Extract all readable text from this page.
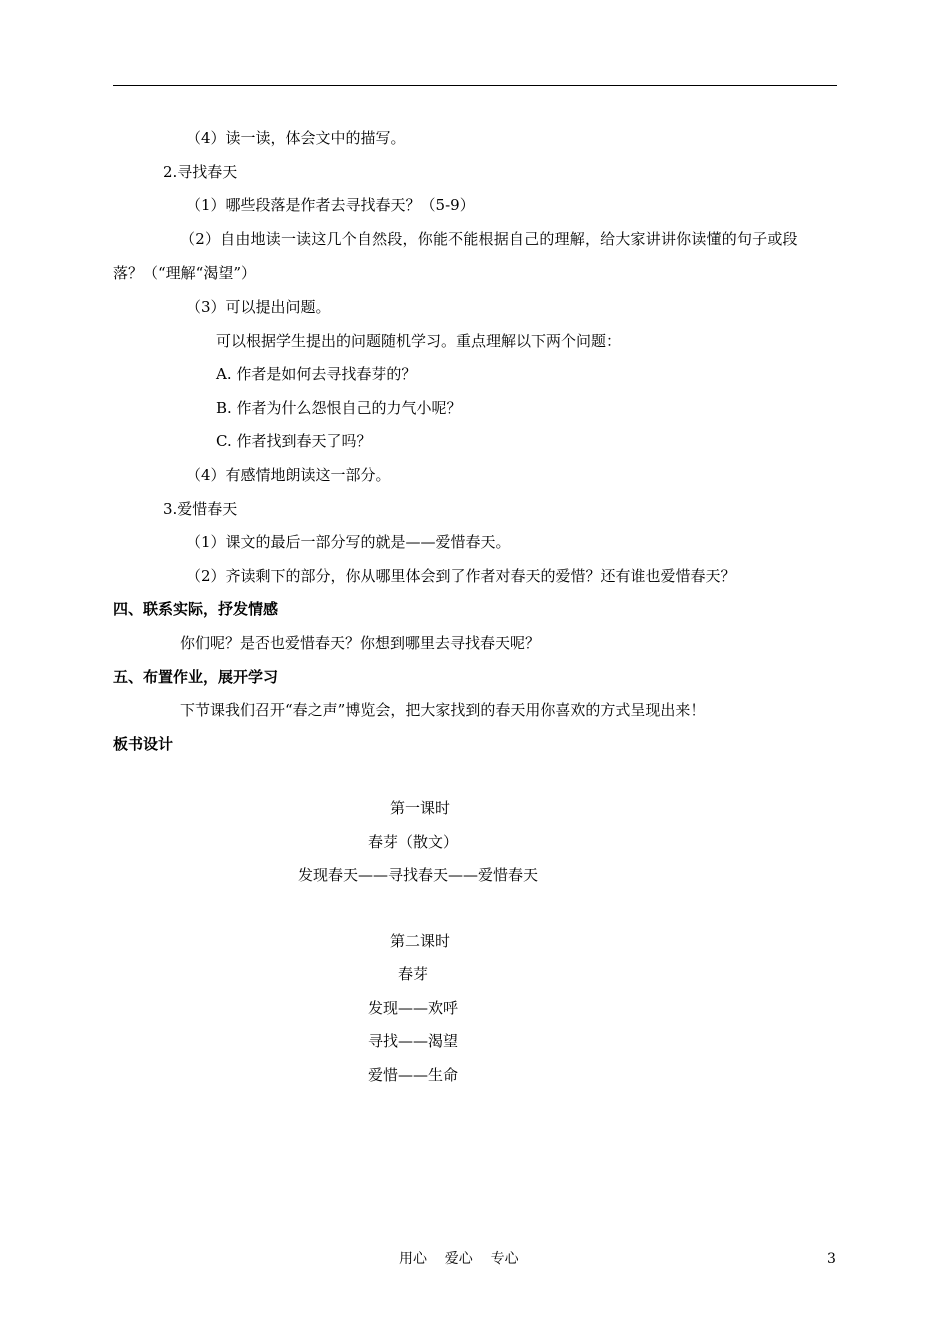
（4）读一读，体会文中的描写。
2.寻找春天
（1）哪些段落是作者去寻找春天？（5-9）
（2）自由地读一读这几个自然段，你能不能根据自己的理解，给大家讲讲你读懂的句子或段
落？（“理解“渴望”）
（3）可以提出问题。
可以根据学生提出的问题随机学习。重点理解以下两个问题：
A. 作者是如何去寻找春芽的？
B. 作者为什么怨恨自己的力气小呢？
C. 作者找到春天了吗？
（4）有感情地朗读这一部分。
3.爱惜春天
（1）课文的最后一部分写的就是——爱惜春天。
（2）齐读剩下的部分，你从哪里体会到了作者对春天的爱惜？还有谁也爱惜春天？
四、联系实际，抒发情感
你们呢？是否也爱惜春天？你想到哪里去寻找春天呢？
五、布置作业，展开学习
下节课我们召开“春之声”博览会，把大家找到的春天用你喜欢的方式呈现出来！
板书设计
第一课时
春芽（散文）
发现春天——寻找春天——爱惜春天
第二课时
春芽
发现——欢呼
寻找——渴望
爱惜——生命
用心    爱心    专心	3
